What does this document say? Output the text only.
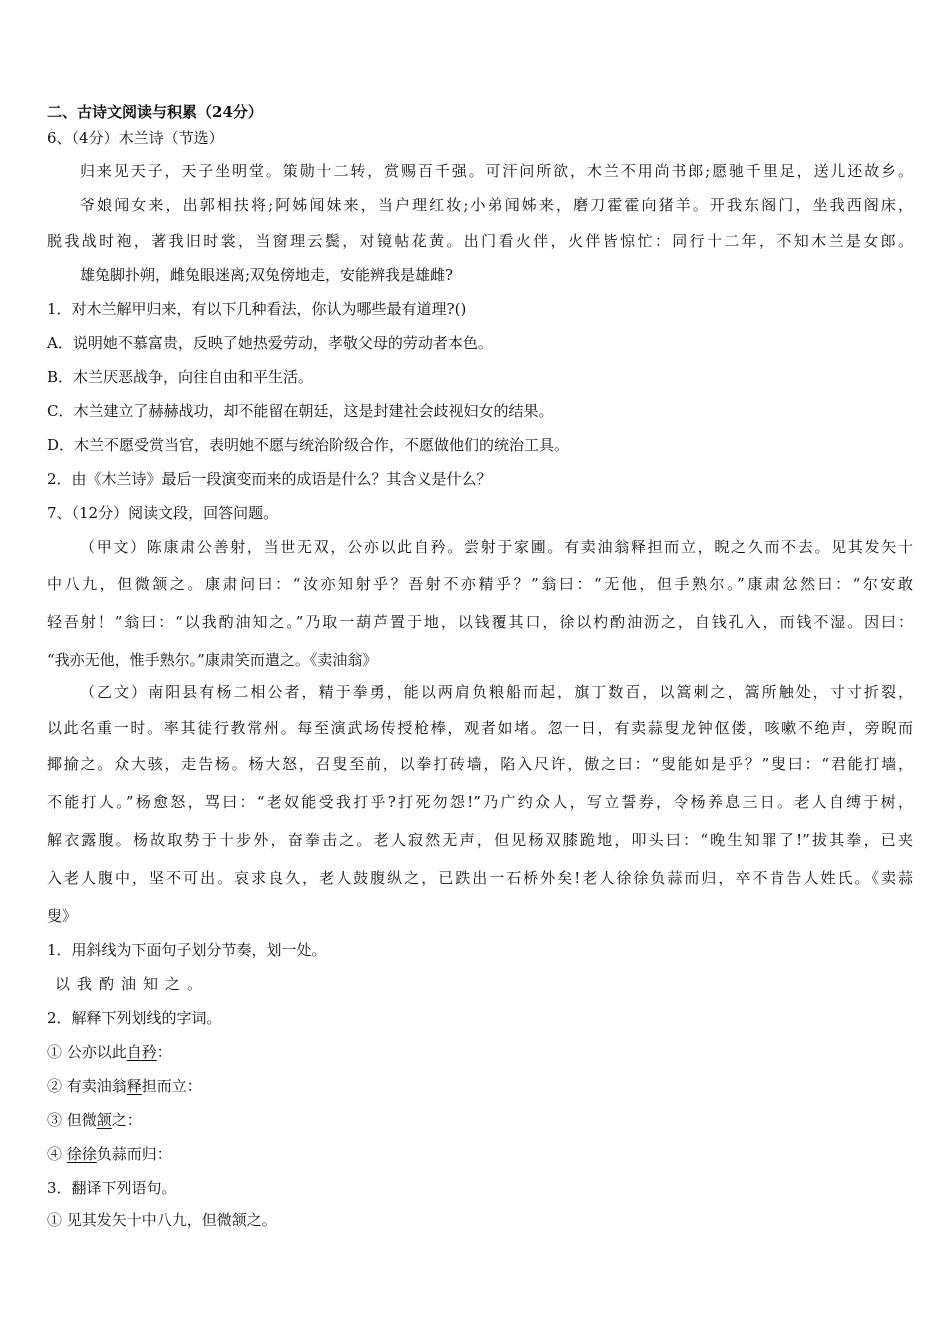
二、古诗文阅读与积累（24分）
6、（4分）木兰诗（节选）
归来见天子，天子坐明堂。策勋十二转，赏赐百千强。可汗问所欲，木兰不用尚书郎;愿驰千里足，送儿还故乡。
爷娘闻女来，出郭相扶将;阿姊闻妹来，当户理红妆;小弟闻姊来，磨刀霍霍向猪羊。开我东阁门，坐我西阁床，
脱我战时袍，著我旧时裳，当窗理云鬓，对镜帖花黄。出门看火伴，火伴皆惊忙：同行十二年，不知木兰是女郎。
雄兔脚扑朔，雌兔眼迷离;双兔傍地走，安能辨我是雄雌?
1．对木兰解甲归来，有以下几种看法，你认为哪些最有道理?()
A．说明她不慕富贵，反映了她热爱劳动，孝敬父母的劳动者本色。
B．木兰厌恶战争，向往自由和平生活。
C．木兰建立了赫赫战功，却不能留在朝廷，这是封建社会歧视妇女的结果。
D．木兰不愿受赏当官，表明她不愿与统治阶级合作，不愿做他们的统治工具。
2．由《木兰诗》最后一段演变而来的成语是什么？其含义是什么？
7、（12分）阅读文段，回答问题。
（甲文）陈康肃公善射，当世无双，公亦以此自矜。尝射于家圃。有卖油翁释担而立，睨之久而不去。见其发矢十
中八九，但微颔之。康肃问曰：“汝亦知射乎？吾射不亦精乎？”翁曰：“无他，但手熟尔。”康肃忿然曰：“尔安敢
轻吾射！”翁曰：“以我酌油知之。”乃取一葫芦置于地，以钱覆其口，徐以杓酌油沥之，自钱孔入，而钱不湿。因曰：
“我亦无他，惟手熟尔。”康肃笑而遣之。《卖油翁》
（乙文）南阳县有杨二相公者，精于拳勇，能以两肩负粮船而起，旗丁数百，以篙刺之，篙所触处，寸寸折裂，
以此名重一时。率其徒行教常州。每至演武场传授枪棒，观者如堵。忽一日，有卖蒜叟龙钟伛偻，咳嗽不绝声，旁睨而
揶揄之。众大骇，走告杨。杨大怒，召叟至前，以拳打砖墙，陷入尺许，傲之曰：“叟能如是乎？”叟曰：“君能打墙，
不能打人。”杨愈怒，骂曰：“老奴能受我打乎?打死勿怨!”乃广约众人，写立誓券，令杨养息三日。老人自缚于树，
解衣露腹。杨故取势于十步外，奋拳击之。老人寂然无声，但见杨双膝跪地，叩头曰：“晚生知罪了!”拔其拳，已夹
入老人腹中，坚不可出。哀求良久，老人鼓腹纵之，已跌出一石桥外矣!老人徐徐负蒜而归，卒不肯告人姓氏。《卖蒜
叟》
1．用斜线为下面句子划分节奏，划一处。
以我酌油知之。
2．解释下列划线的字词。
① 公亦以此自矜：
② 有卖油翁释担而立：
③ 但微颔之：
④ 徐徐负蒜而归：
3．翻译下列语句。
① 见其发矢十中八九，但微颔之。
